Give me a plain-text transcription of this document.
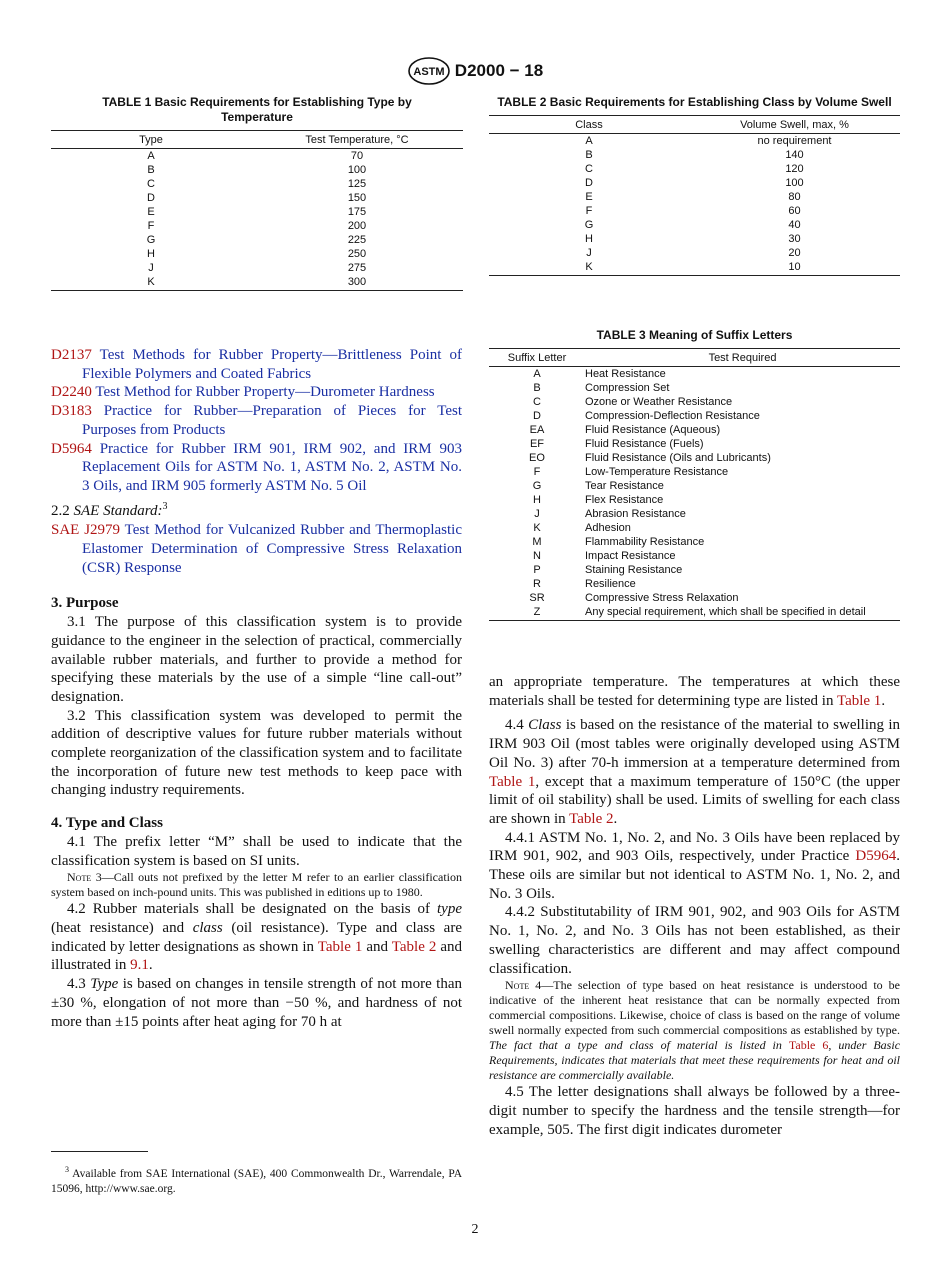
ASTM D2000 − 18
TABLE 1 Basic Requirements for Establishing Type by Temperature
Type	Test Temperature, °C
A	70
B	100
C	125
D	150
E	175
F	200
G	225
H	250
J	275
K	300
TABLE 2 Basic Requirements for Establishing Class by Volume Swell
Class	Volume Swell, max, %
A	no requirement
B	140
C	120
D	100
E	80
F	60
G	40
H	30
J	20
K	10
TABLE 3 Meaning of Suffix Letters
Suffix Letter	Test Required
A	Heat Resistance
B	Compression Set
C	Ozone or Weather Resistance
D	Compression-Deflection Resistance
EA	Fluid Resistance (Aqueous)
EF	Fluid Resistance (Fuels)
EO	Fluid Resistance (Oils and Lubricants)
F	Low-Temperature Resistance
G	Tear Resistance
H	Flex Resistance
J	Abrasion Resistance
K	Adhesion
M	Flammability Resistance
N	Impact Resistance
P	Staining Resistance
R	Resilience
SR	Compressive Stress Relaxation
Z	Any special requirement, which shall be specified in detail

D2137 Test Methods for Rubber Property—Brittleness Point of Flexible Polymers and Coated Fabrics

D2240 Test Method for Rubber Property—Durometer Hardness

D3183 Practice for Rubber—Preparation of Pieces for Test Purposes from Products

D5964 Practice for Rubber IRM 901, IRM 902, and IRM 903 Replacement Oils for ASTM No. 1, ASTM No. 2, ASTM No. 3 Oils, and IRM 905 formerly ASTM No. 5 Oil

2.2 SAE Standard:$^3$

SAE J2979 Test Method for Vulcanized Rubber and Thermoplastic Elastomer Determination of Compressive Stress Relaxation (CSR) Response

3. Purpose

3.1 The purpose of this classification system is to provide guidance to the engineer in the selection of practical, commercially available rubber materials, and further to provide a method for specifying these materials by the use of a simple “line call-out” designation.

3.2 This classification system was developed to permit the addition of descriptive values for future rubber materials without complete reorganization of the classification system and to facilitate the incorporation of future new test methods to keep pace with changing industry requirements.

4. Type and Class

4.1 The prefix letter “M” shall be used to indicate that the classification system is based on SI units.

Note 3—Call outs not prefixed by the letter M refer to an earlier classification system based on inch-pound units. This was published in editions up to 1980.

4.2 Rubber materials shall be designated on the basis of type (heat resistance) and class (oil resistance). Type and class are indicated by letter designations as shown in Table 1 and Table 2 and illustrated in 9.1.

4.3 Type is based on changes in tensile strength of not more than ±30 %, elongation of not more than −50 %, and hardness of not more than ±15 points after heat aging for 70 h at

an appropriate temperature. The temperatures at which these materials shall be tested for determining type are listed in Table 1.

4.4 Class is based on the resistance of the material to swelling in IRM 903 Oil (most tables were originally developed using ASTM Oil No. 3) after 70-h immersion at a temperature determined from Table 1, except that a maximum temperature of 150°C (the upper limit of oil stability) shall be used. Limits of swelling for each class are shown in Table 2.

4.4.1 ASTM No. 1, No. 2, and No. 3 Oils have been replaced by IRM 901, 902, and 903 Oils, respectively, under Practice D5964. These oils are similar but not identical to ASTM No. 1, No. 2, and No. 3 Oils.

4.4.2 Substitutability of IRM 901, 902, and 903 Oils for ASTM No. 1, No. 2, and No. 3 Oils has not been established, as their swelling characteristics are different and may affect compound classification.

Note 4—The selection of type based on heat resistance is understood to be indicative of the inherent heat resistance that can be normally expected from commercial compositions. Likewise, choice of class is based on the range of volume swell normally expected from such commercial compositions as established by type. The fact that a type and class of material is listed in Table 6, under Basic Requirements, indicates that materials that meet these requirements for heat and oil resistance are commercially available.

4.5 The letter designations shall always be followed by a three-digit number to specify the hardness and the tensile strength—for example, 505. The first digit indicates durometer

$^3$ Available from SAE International (SAE), 400 Commonwealth Dr., Warrendale, PA 15096, http://www.sae.org.
2
